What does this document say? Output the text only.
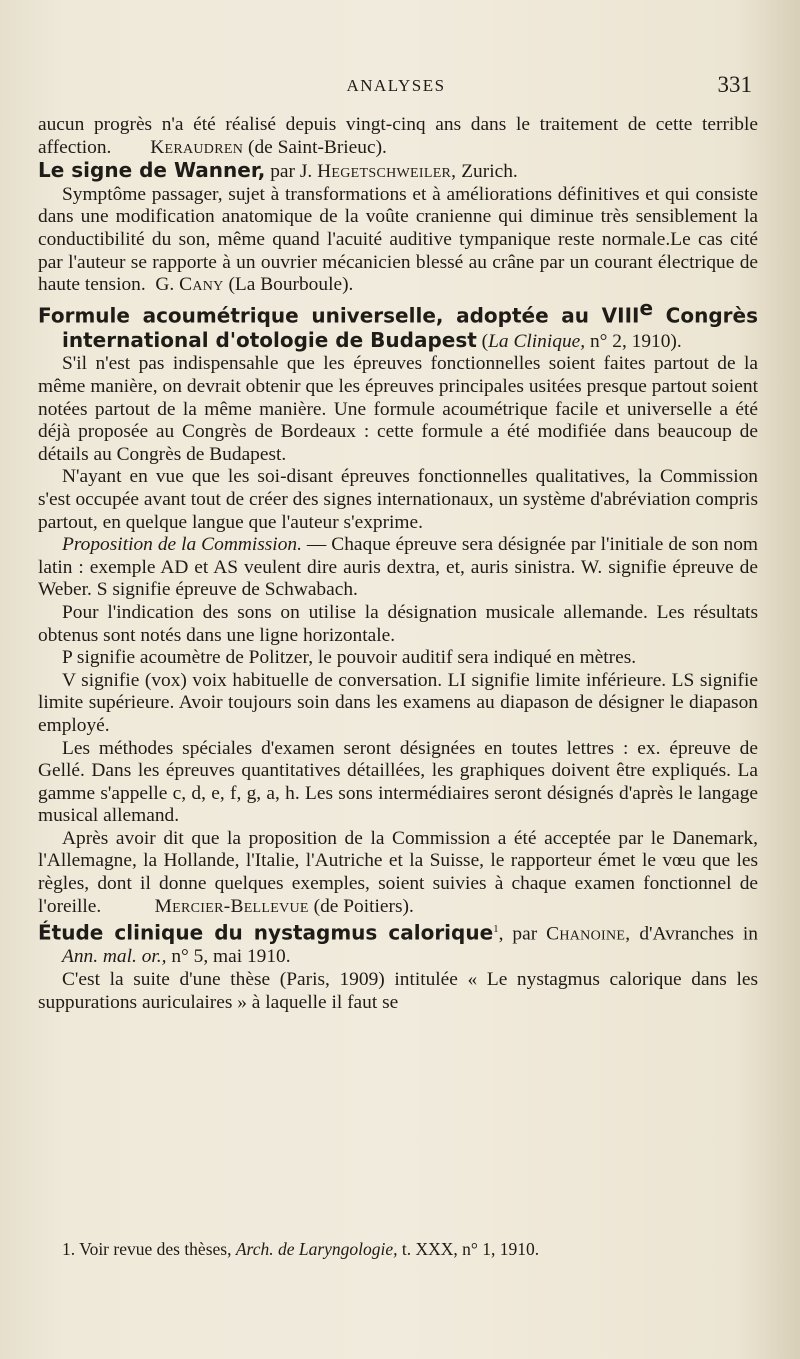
ANALYSES	331

aucun progrès n'a été réalisé depuis vingt-cinq ans dans le traitement de cette terrible affection. Keraudren (de Saint-Brieuc).

Le signe de Wanner, par J. Hegetschweiler, Zurich.

Symptôme passager, sujet à transformations et à améliorations définitives et qui consiste dans une modification anatomique de la voûte cranienne qui diminue très sensiblement la conductibilité du son, même quand l'acuité auditive tympanique reste normale.Le cas cité par l'auteur se rapporte à un ouvrier mécanicien blessé au crâne par un courant électrique de haute tension. G. Cany (La Bourboule).

Formule acoumétrique universelle, adoptée au VIIIe Congrès international d'otologie de Budapest (La Clinique, n° 2, 1910).

S'il n'est pas indispensahle que les épreuves fonctionnelles soient faites partout de la même manière, on devrait obtenir que les épreuves principales usitées presque partout soient notées partout de la même manière. Une formule acoumétrique facile et universelle a été déjà proposée au Congrès de Bordeaux : cette formule a été modifiée dans beaucoup de détails au Congrès de Budapest.

N'ayant en vue que les soi-disant épreuves fonctionnelles qualitatives, la Commission s'est occupée avant tout de créer des signes internationaux, un système d'abréviation compris partout, en quelque langue que l'auteur s'exprime.

Proposition de la Commission. — Chaque épreuve sera désignée par l'initiale de son nom latin : exemple AD et AS veulent dire auris dextra, et, auris sinistra. W. signifie épreuve de Weber. S signifie épreuve de Schwabach.

Pour l'indication des sons on utilise la désignation musicale allemande. Les résultats obtenus sont notés dans une ligne horizontale.

P signifie acoumètre de Politzer, le pouvoir auditif sera indiqué en mètres.

V signifie (vox) voix habituelle de conversation. LI signifie limite inférieure. LS signifie limite supérieure. Avoir toujours soin dans les examens au diapason de désigner le diapason employé.

Les méthodes spéciales d'examen seront désignées en toutes lettres : ex. épreuve de Gellé. Dans les épreuves quantitatives détaillées, les graphiques doivent être expliqués. La gamme s'appelle c, d, e, f, g, a, h. Les sons intermédiaires seront désignés d'après le langage musical allemand.

Après avoir dit que la proposition de la Commission a été acceptée par le Danemark, l'Allemagne, la Hollande, l'Italie, l'Autriche et la Suisse, le rapporteur émet le vœu que les règles, dont il donne quelques exemples, soient suivies à chaque examen fonctionnel de l'oreille.	Mercier-Bellevue (de Poitiers).

Étude clinique du nystagmus calorique$^1$, par Chanoine, d'Avranches in Ann. mal. or., n° 5, mai 1910.

C'est la suite d'une thèse (Paris, 1909) intitulée « Le nystagmus calorique dans les suppurations auriculaires » à laquelle il faut se

1. Voir revue des thèses, Arch. de Laryngologie, t. XXX, n° 1, 1910.
